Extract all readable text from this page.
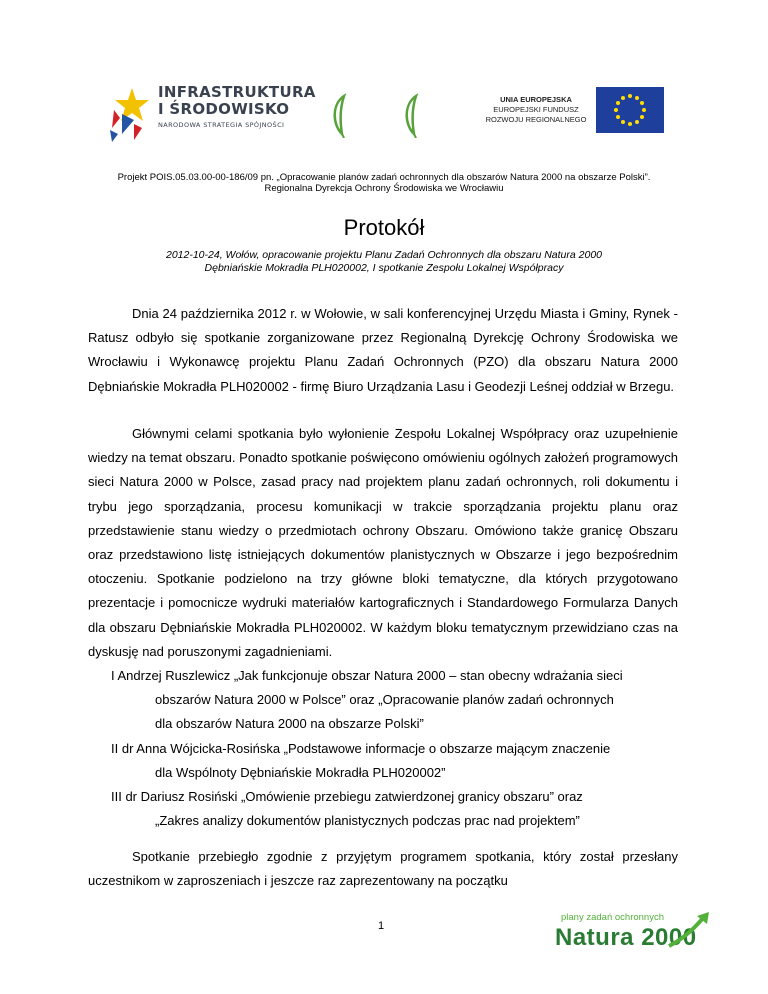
INFRASTRUKTURA
I ŚRODOWISKO
NARODOWA STRATEGIA SPÓJNOŚCI
UNIA EUROPEJSKA
EUROPEJSKI FUNDUSZ
ROZWOJU REGIONALNEGO
Projekt POIS.05.03.00-00-186/09 pn. „Opracowanie planów zadań ochronnych dla obszarów Natura 2000 na obszarze Polski”.
Regionalna Dyrekcja Ochrony Środowiska we Wrocławiu
Protokół
2012-10-24, Wołów, opracowanie projektu Planu Zadań Ochronnych dla obszaru Natura 2000
Dębniańskie Mokradła PLH020002, I spotkanie Zespołu Lokalnej Współpracy

Dnia 24 października 2012 r. w Wołowie, w sali konferencyjnej Urzędu Miasta i Gminy, Rynek - Ratusz odbyło się spotkanie zorganizowane przez Regionalną Dyrekcję Ochrony Środowiska we Wrocławiu i Wykonawcę projektu Planu Zadań Ochronnych (PZO) dla obszaru Natura 2000 Dębniańskie Mokradła PLH020002 - firmę Biuro Urządzania Lasu i Geodezji Leśnej oddział w Brzegu.

Głównymi celami spotkania było wyłonienie Zespołu Lokalnej Współpracy oraz uzupełnienie wiedzy na temat obszaru. Ponadto spotkanie poświęcono omówieniu ogólnych założeń programowych sieci Natura 2000 w Polsce, zasad pracy nad projektem planu zadań ochronnych, roli dokumentu i trybu jego sporządzania, procesu komunikacji w trakcie sporządzania projektu planu oraz przedstawienie stanu wiedzy o przedmiotach ochrony Obszaru. Omówiono także granicę Obszaru oraz przedstawiono listę istniejących dokumentów planistycznych w Obszarze i jego bezpośrednim otoczeniu. Spotkanie podzielono na trzy główne bloki tematyczne, dla których przygotowano prezentacje i pomocnicze wydruki materiałów kartograficznych i Standardowego Formularza Danych dla obszaru Dębniańskie Mokradła PLH020002. W każdym bloku tematycznym przewidziano czas na dyskusję nad poruszonymi zagadnieniami.

I Andrzej Ruszlewicz „Jak funkcjonuje obszar Natura 2000 – stan obecny wdrażania sieci
obszarów Natura 2000 w Polsce” oraz „Opracowanie planów zadań ochronnych
dla obszarów Natura 2000 na obszarze Polski”
II dr Anna Wójcicka-Rosińska „Podstawowe informacje o obszarze mającym znaczenie
dla Wspólnoty Dębniańskie Mokradła PLH020002”
III dr Dariusz Rosiński „Omówienie przebiegu zatwierdzonej granicy obszaru” oraz
„Zakres analizy dokumentów planistycznych podczas prac nad projektem”

Spotkanie przebiegło zgodnie z przyjętym programem spotkania, który został przesłany uczestnikom w zaproszeniach i jeszcze raz zaprezentowany na początku

1
plany zadań ochronnych
Natura 2000
